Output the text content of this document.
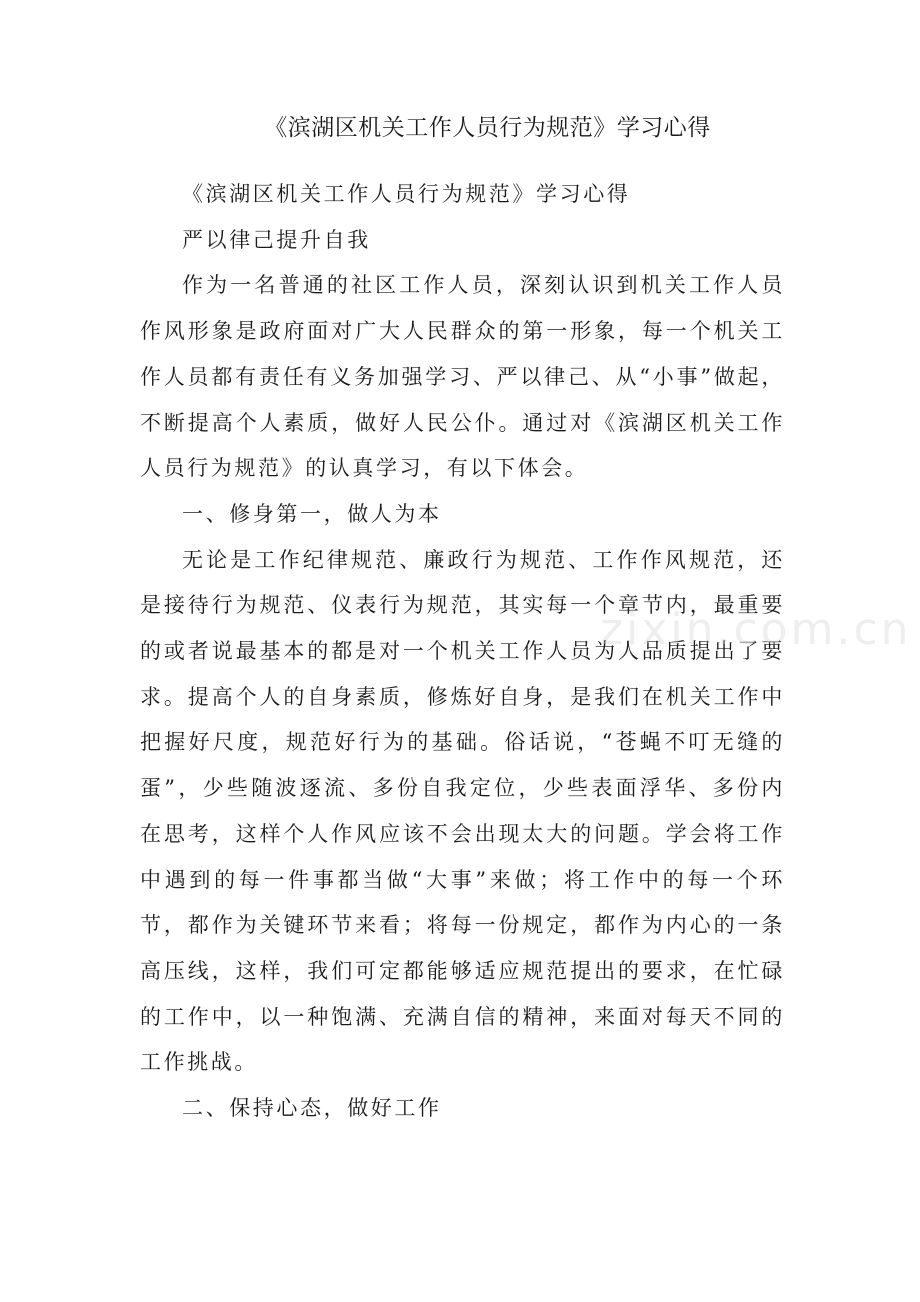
《滨湖区机关工作人员行为规范》学习心得

《滨湖区机关工作人员行为规范》学习心得

严以律己提升自我

作为一名普通的社区工作人员，深刻认识到机关工作人员作风形象是政府面对广大人民群众的第一形象，每一个机关工作人员都有责任有义务加强学习、严以律己、从“小事”做起，不断提高个人素质，做好人民公仆。通过对《滨湖区机关工作人员行为规范》的认真学习，有以下体会。

一、修身第一，做人为本

无论是工作纪律规范、廉政行为规范、工作作风规范，还是接待行为规范、仪表行为规范，其实每一个章节内，最重要的或者说最基本的都是对一个机关工作人员为人品质提出了要求。提高个人的自身素质，修炼好自身，是我们在机关工作中把握好尺度，规范好行为的基础。俗话说，“苍蝇不叮无缝的蛋”，少些随波逐流、多份自我定位，少些表面浮华、多份内在思考，这样个人作风应该不会出现太大的问题。学会将工作中遇到的每一件事都当做“大事”来做；将工作中的每一个环节，都作为关键环节来看；将每一份规定，都作为内心的一条高压线，这样，我们可定都能够适应规范提出的要求，在忙碌的工作中，以一种饱满、充满自信的精神，来面对每天不同的工作挑战。

二、保持心态，做好工作

zixin.com.cn
